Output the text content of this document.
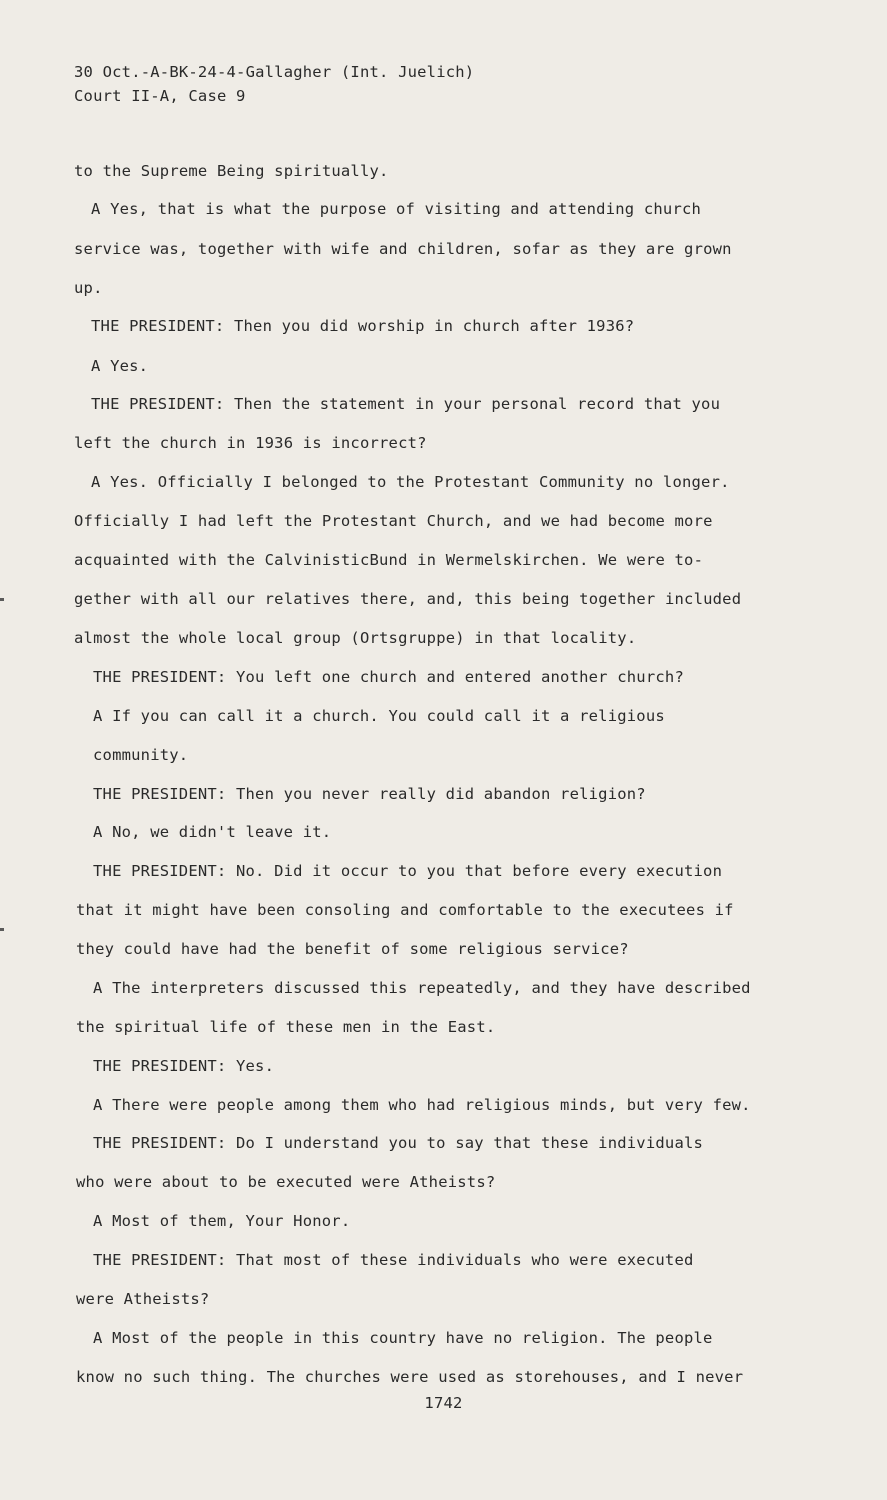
30 Oct.-A-BK-24-4-Gallagher (Int. Juelich)
Court II-A, Case 9
to the Supreme Being spiritually.
A Yes, that is what the purpose of visiting and attending church
service was, together with wife and children, sofar as they are grown
up.
THE PRESIDENT: Then you did worship in church after 1936?
A Yes.
THE PRESIDENT: Then the statement in your personal record that you
left the church in 1936 is incorrect?
A Yes. Officially I belonged to the Protestant Community no longer.
Officially I had left the Protestant Church, and we had become more
acquainted with the CalvinisticBund in Wermelskirchen. We were to-
gether with all our relatives there, and, this being together included
almost the whole local group (Ortsgruppe) in that locality.
THE PRESIDENT: You left one church and entered another church?
A If you can call it a church. You could call it a religious
community.
THE PRESIDENT: Then you never really did abandon religion?
A No, we didn't leave it.
THE PRESIDENT: No. Did it occur to you that before every execution
that it might have been consoling and comfortable to the executees if
they could have had the benefit of some religious service?
A The interpreters discussed this repeatedly, and they have described
the spiritual life of these men in the East.
THE PRESIDENT: Yes.
A There were people among them who had religious minds, but very few.
THE PRESIDENT: Do I understand you to say that these individuals
who were about to be executed were Atheists?
A Most of them, Your Honor.
THE PRESIDENT: That most of these individuals who were executed
were Atheists?
A Most of the people in this country have no religion. The people
know no such thing. The churches were used as storehouses, and I never
1742
